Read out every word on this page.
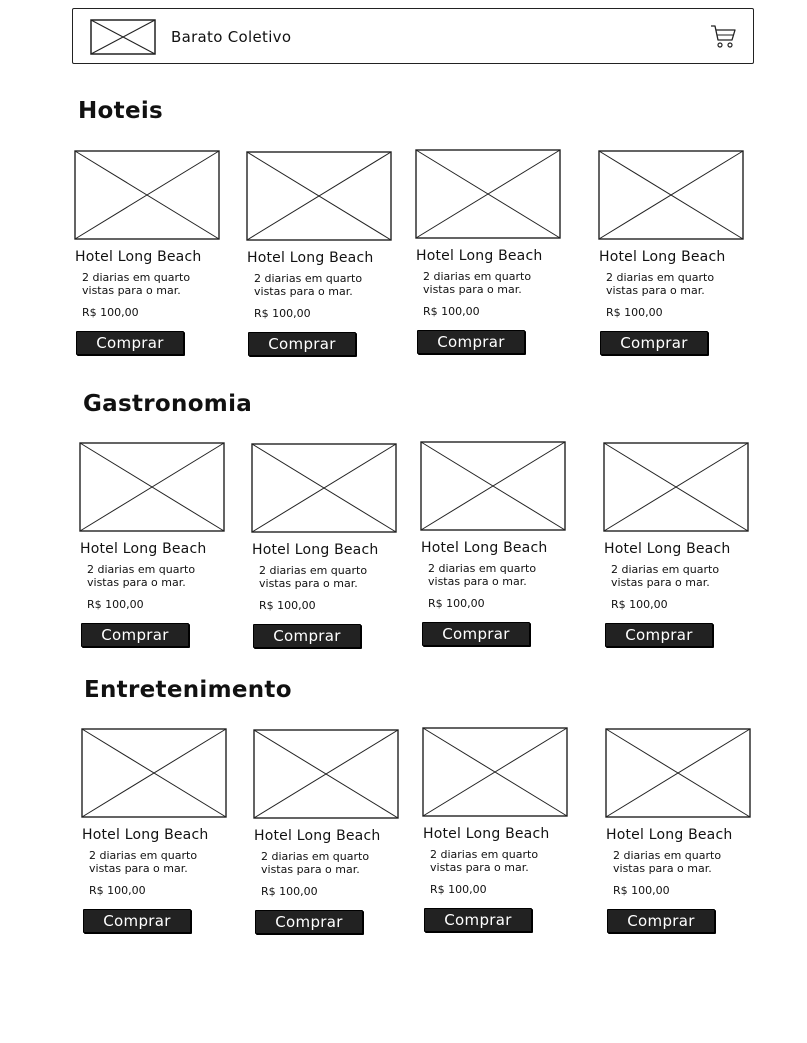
Barato Coletivo
Hoteis
Hotel Long Beach
2 diarias em quarto vistas para o mar.
R$ 100,00
Comprar
Hotel Long Beach
2 diarias em quarto vistas para o mar.
R$ 100,00
Comprar
Hotel Long Beach
2 diarias em quarto vistas para o mar.
R$ 100,00
Comprar
Hotel Long Beach
2 diarias em quarto vistas para o mar.
R$ 100,00
Comprar
Gastronomia
Hotel Long Beach
2 diarias em quarto vistas para o mar.
R$ 100,00
Comprar
Hotel Long Beach
2 diarias em quarto vistas para o mar.
R$ 100,00
Comprar
Hotel Long Beach
2 diarias em quarto vistas para o mar.
R$ 100,00
Comprar
Hotel Long Beach
2 diarias em quarto vistas para o mar.
R$ 100,00
Comprar
Entretenimento
Hotel Long Beach
2 diarias em quarto vistas para o mar.
R$ 100,00
Comprar
Hotel Long Beach
2 diarias em quarto vistas para o mar.
R$ 100,00
Comprar
Hotel Long Beach
2 diarias em quarto vistas para o mar.
R$ 100,00
Comprar
Hotel Long Beach
2 diarias em quarto vistas para o mar.
R$ 100,00
Comprar
